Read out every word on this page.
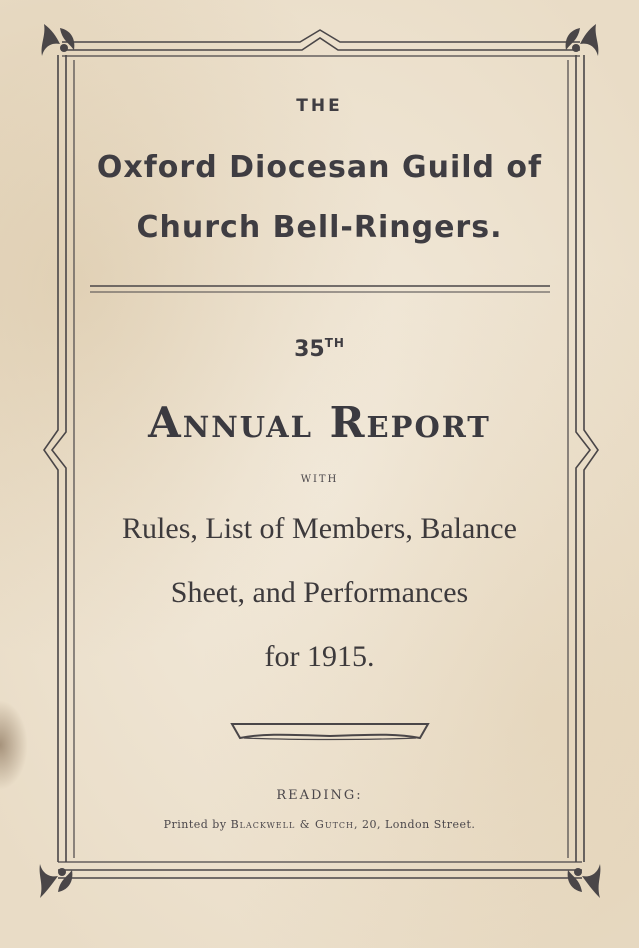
THE
Oxford Diocesan Guild of
Church Bell-Ringers.
35TH
Annual Report
WITH
Rules, List of Members, Balance
Sheet, and Performances
for 1915.
READING:
Printed by Blackwell & Gutch, 20, London Street.
